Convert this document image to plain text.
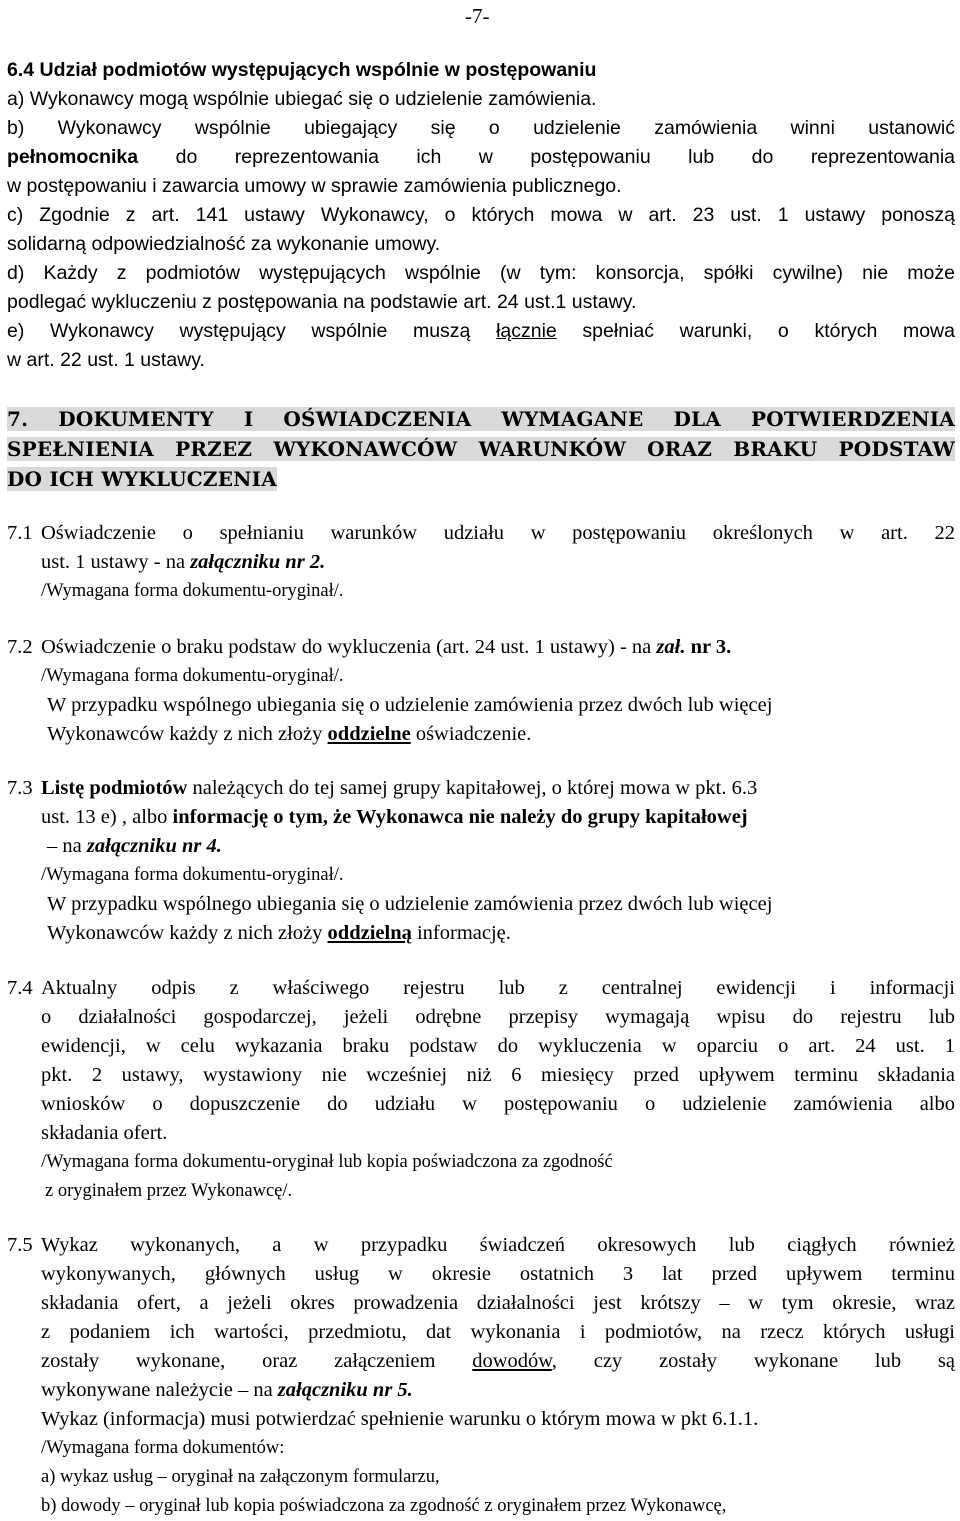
-7-
6.4 Udział podmiotów występujących wspólnie w postępowaniu
a) Wykonawcy mogą wspólnie ubiegać się o udzielenie zamówienia.
b) Wykonawcy wspólnie ubiegający się o udzielenie zamówienia winni ustanowić
pełnomocnika do reprezentowania ich w postępowaniu lub do reprezentowania
w postępowaniu i zawarcia umowy w sprawie zamówienia publicznego.
c) Zgodnie z art. 141 ustawy Wykonawcy, o których mowa w art. 23 ust. 1 ustawy ponoszą
solidarną odpowiedzialność za wykonanie umowy.
d) Każdy z podmiotów występujących wspólnie (w tym: konsorcja, spółki cywilne) nie może
podlegać wykluczeniu z postępowania na podstawie art. 24 ust.1 ustawy.
e) Wykonawcy występujący wspólnie muszą łącznie spełniać warunki, o których mowa
w art. 22 ust. 1 ustawy.
7. DOKUMENTY I OŚWIADCZENIA WYMAGANE DLA POTWIERDZENIA
SPEŁNIENIA PRZEZ WYKONAWCÓW WARUNKÓW ORAZ BRAKU PODSTAW
DO ICH WYKLUCZENIA
7.1 Oświadczenie o spełnianiu warunków udziału w postępowaniu określonych w art. 22
ust. 1 ustawy - na załączniku nr 2.
/Wymagana forma dokumentu-oryginał/.
7.2 Oświadczenie o braku podstaw do wykluczenia (art. 24 ust. 1 ustawy) - na zał. nr 3.
/Wymagana forma dokumentu-oryginał/.
W przypadku wspólnego ubiegania się o udzielenie zamówienia przez dwóch lub więcej
Wykonawców każdy z nich złoży oddzielne oświadczenie.
7.3 Listę podmiotów należących do tej samej grupy kapitałowej, o której mowa w pkt. 6.3
ust. 13 e) , albo informację o tym, że Wykonawca nie należy do grupy kapitałowej
– na załączniku nr 4.
/Wymagana forma dokumentu-oryginał/.
W przypadku wspólnego ubiegania się o udzielenie zamówienia przez dwóch lub więcej
Wykonawców każdy z nich złoży oddzielną informację.
7.4 Aktualny odpis z właściwego rejestru lub z centralnej ewidencji i informacji
o działalności gospodarczej, jeżeli odrębne przepisy wymagają wpisu do rejestru lub
ewidencji, w celu wykazania braku podstaw do wykluczenia w oparciu o art. 24 ust. 1
pkt. 2 ustawy, wystawiony nie wcześniej niż 6 miesięcy przed upływem terminu składania
wniosków o dopuszczenie do udziału w postępowaniu o udzielenie zamówienia albo
składania ofert.
/Wymagana forma dokumentu-oryginał lub kopia poświadczona za zgodność
z oryginałem przez Wykonawcę/.
7.5 Wykaz wykonanych, a w przypadku świadczeń okresowych lub ciągłych również
wykonywanych, głównych usług w okresie ostatnich 3 lat przed upływem terminu
składania ofert, a jeżeli okres prowadzenia działalności jest krótszy – w tym okresie, wraz
z podaniem ich wartości, przedmiotu, dat wykonania i podmiotów, na rzecz których usługi
zostały wykonane, oraz załączeniem dowodów, czy zostały wykonane lub są
wykonywane należycie – na załączniku nr 5.
Wykaz (informacja) musi potwierdzać spełnienie warunku o którym mowa w pkt 6.1.1.
/Wymagana forma dokumentów:
a) wykaz usług – oryginał na załączonym formularzu,
b) dowody – oryginał lub kopia poświadczona za zgodność z oryginałem przez Wykonawcę,
